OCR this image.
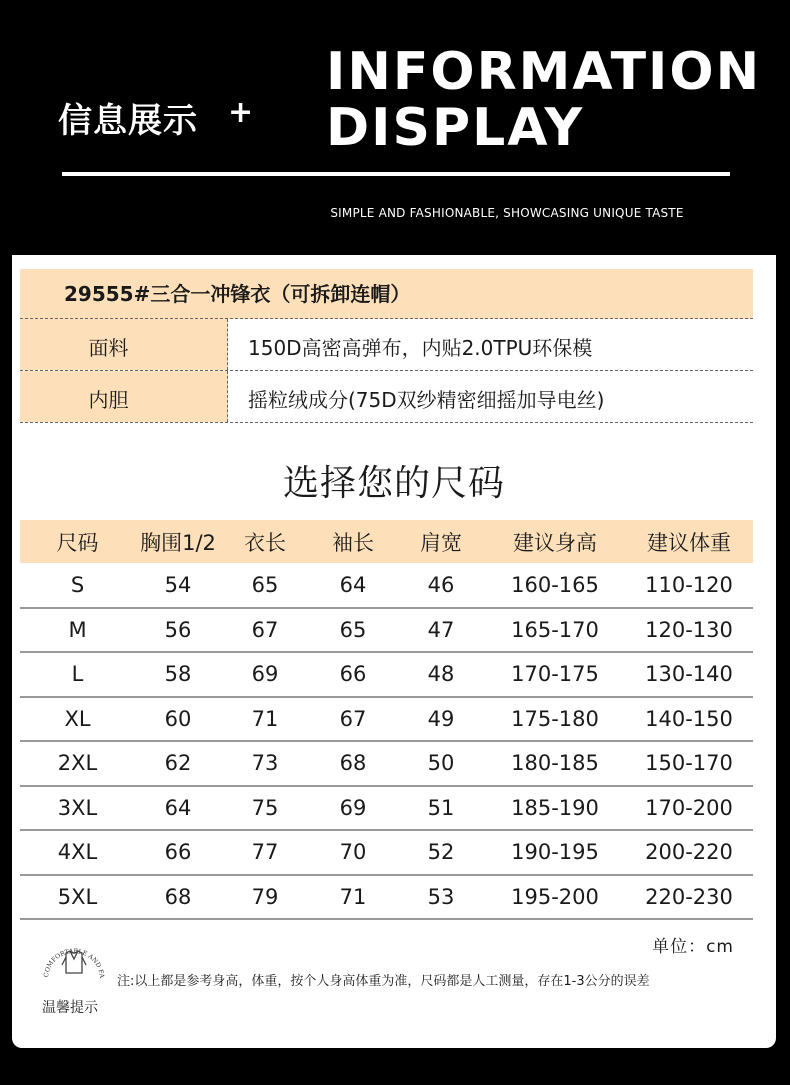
信息展示 +
INFORMATION
DISPLAY
SIMPLE AND FASHIONABLE, SHOWCASING UNIQUE TASTE
29555#三合一冲锋衣（可拆卸连帽）
面料	150D高密高弹布，内贴2.0TPU环保模
内胆	摇粒绒成分(75D双纱精密细摇加导电丝)
选择您的尺码
尺码	胸围1/2	衣长	袖长	肩宽	建议身高	建议体重
S	54	65	64	46	160-165	110-120
M	56	67	65	47	165-170	120-130
L	58	69	66	48	170-175	130-140
XL	60	71	67	49	175-180	140-150
2XL	62	73	68	50	180-185	150-170
3XL	64	75	69	51	185-190	170-200
4XL	66	77	70	52	190-195	200-220
5XL	68	79	71	53	195-200	220-230
COMFORTABLE AND FA
单位：cm
注:以上都是参考身高，体重，按个人身高体重为准，尺码都是人工测量，存在1-3公分的误差
温馨提示
